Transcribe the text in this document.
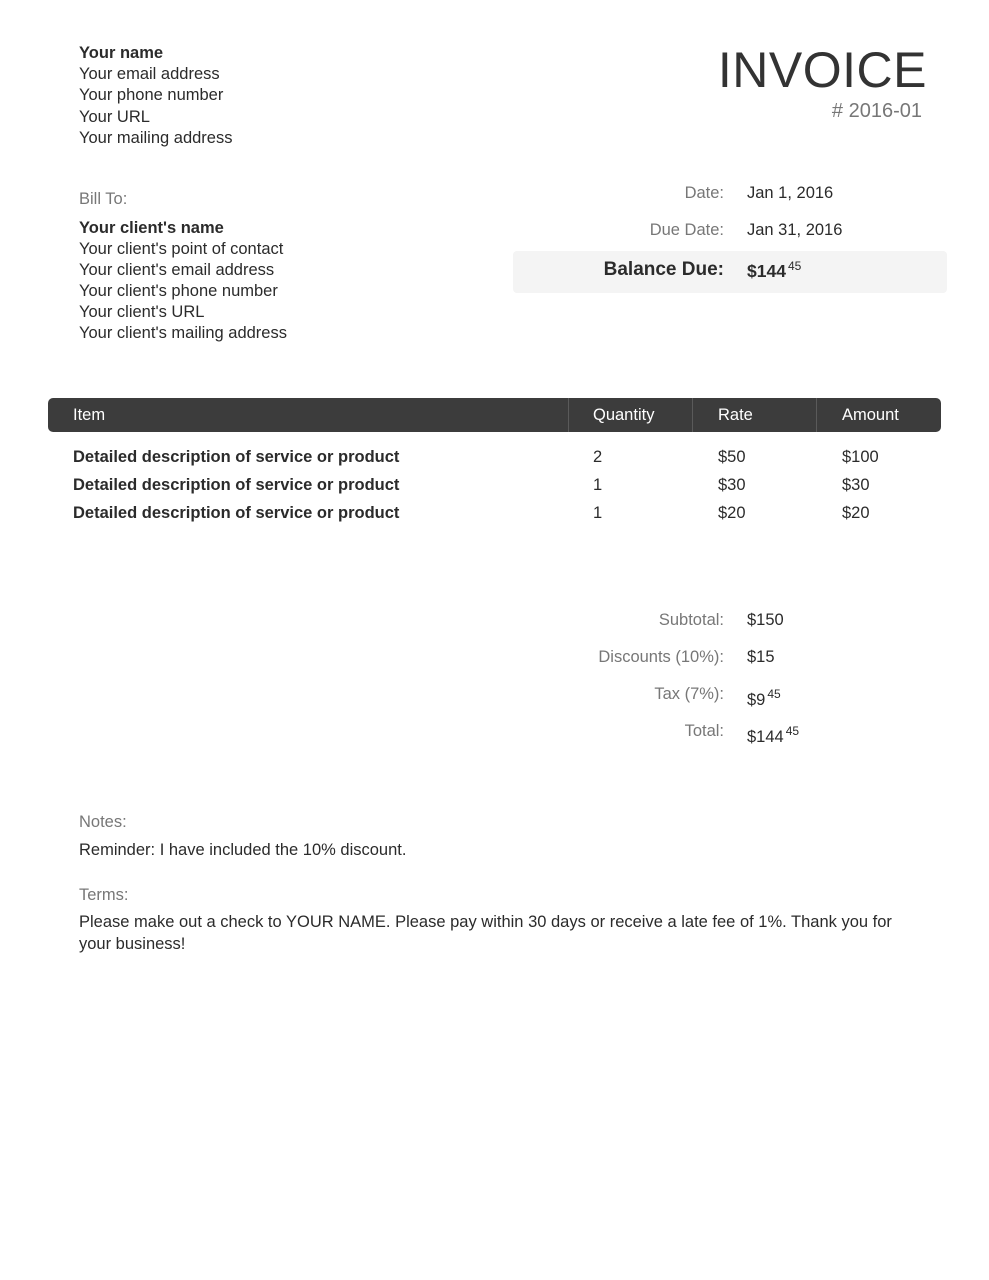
Your name
Your email address
Your phone number
Your URL
Your mailing address
INVOICE
# 2016-01
Bill To:
Your client's name
Your client's point of contact
Your client's email address
Your client's phone number
Your client's URL
Your client's mailing address
Date: Jan 1, 2016
Due Date: Jan 31, 2016
Balance Due: $144 $^{45}$
Item	Quantity	Rate	Amount
Detailed description of service or product	2	$50	$100
Detailed description of service or product	1	$30	$30
Detailed description of service or product	1	$20	$20
Subtotal: $150
Discounts (10%): $15
Tax (7%): $9 $^{45}$
Total: $144 $^{45}$
Notes:
Reminder: I have included the 10% discount.
Terms:
Please make out a check to YOUR NAME. Please pay within 30 days or receive a late fee of 1%. Thank you for your business!
